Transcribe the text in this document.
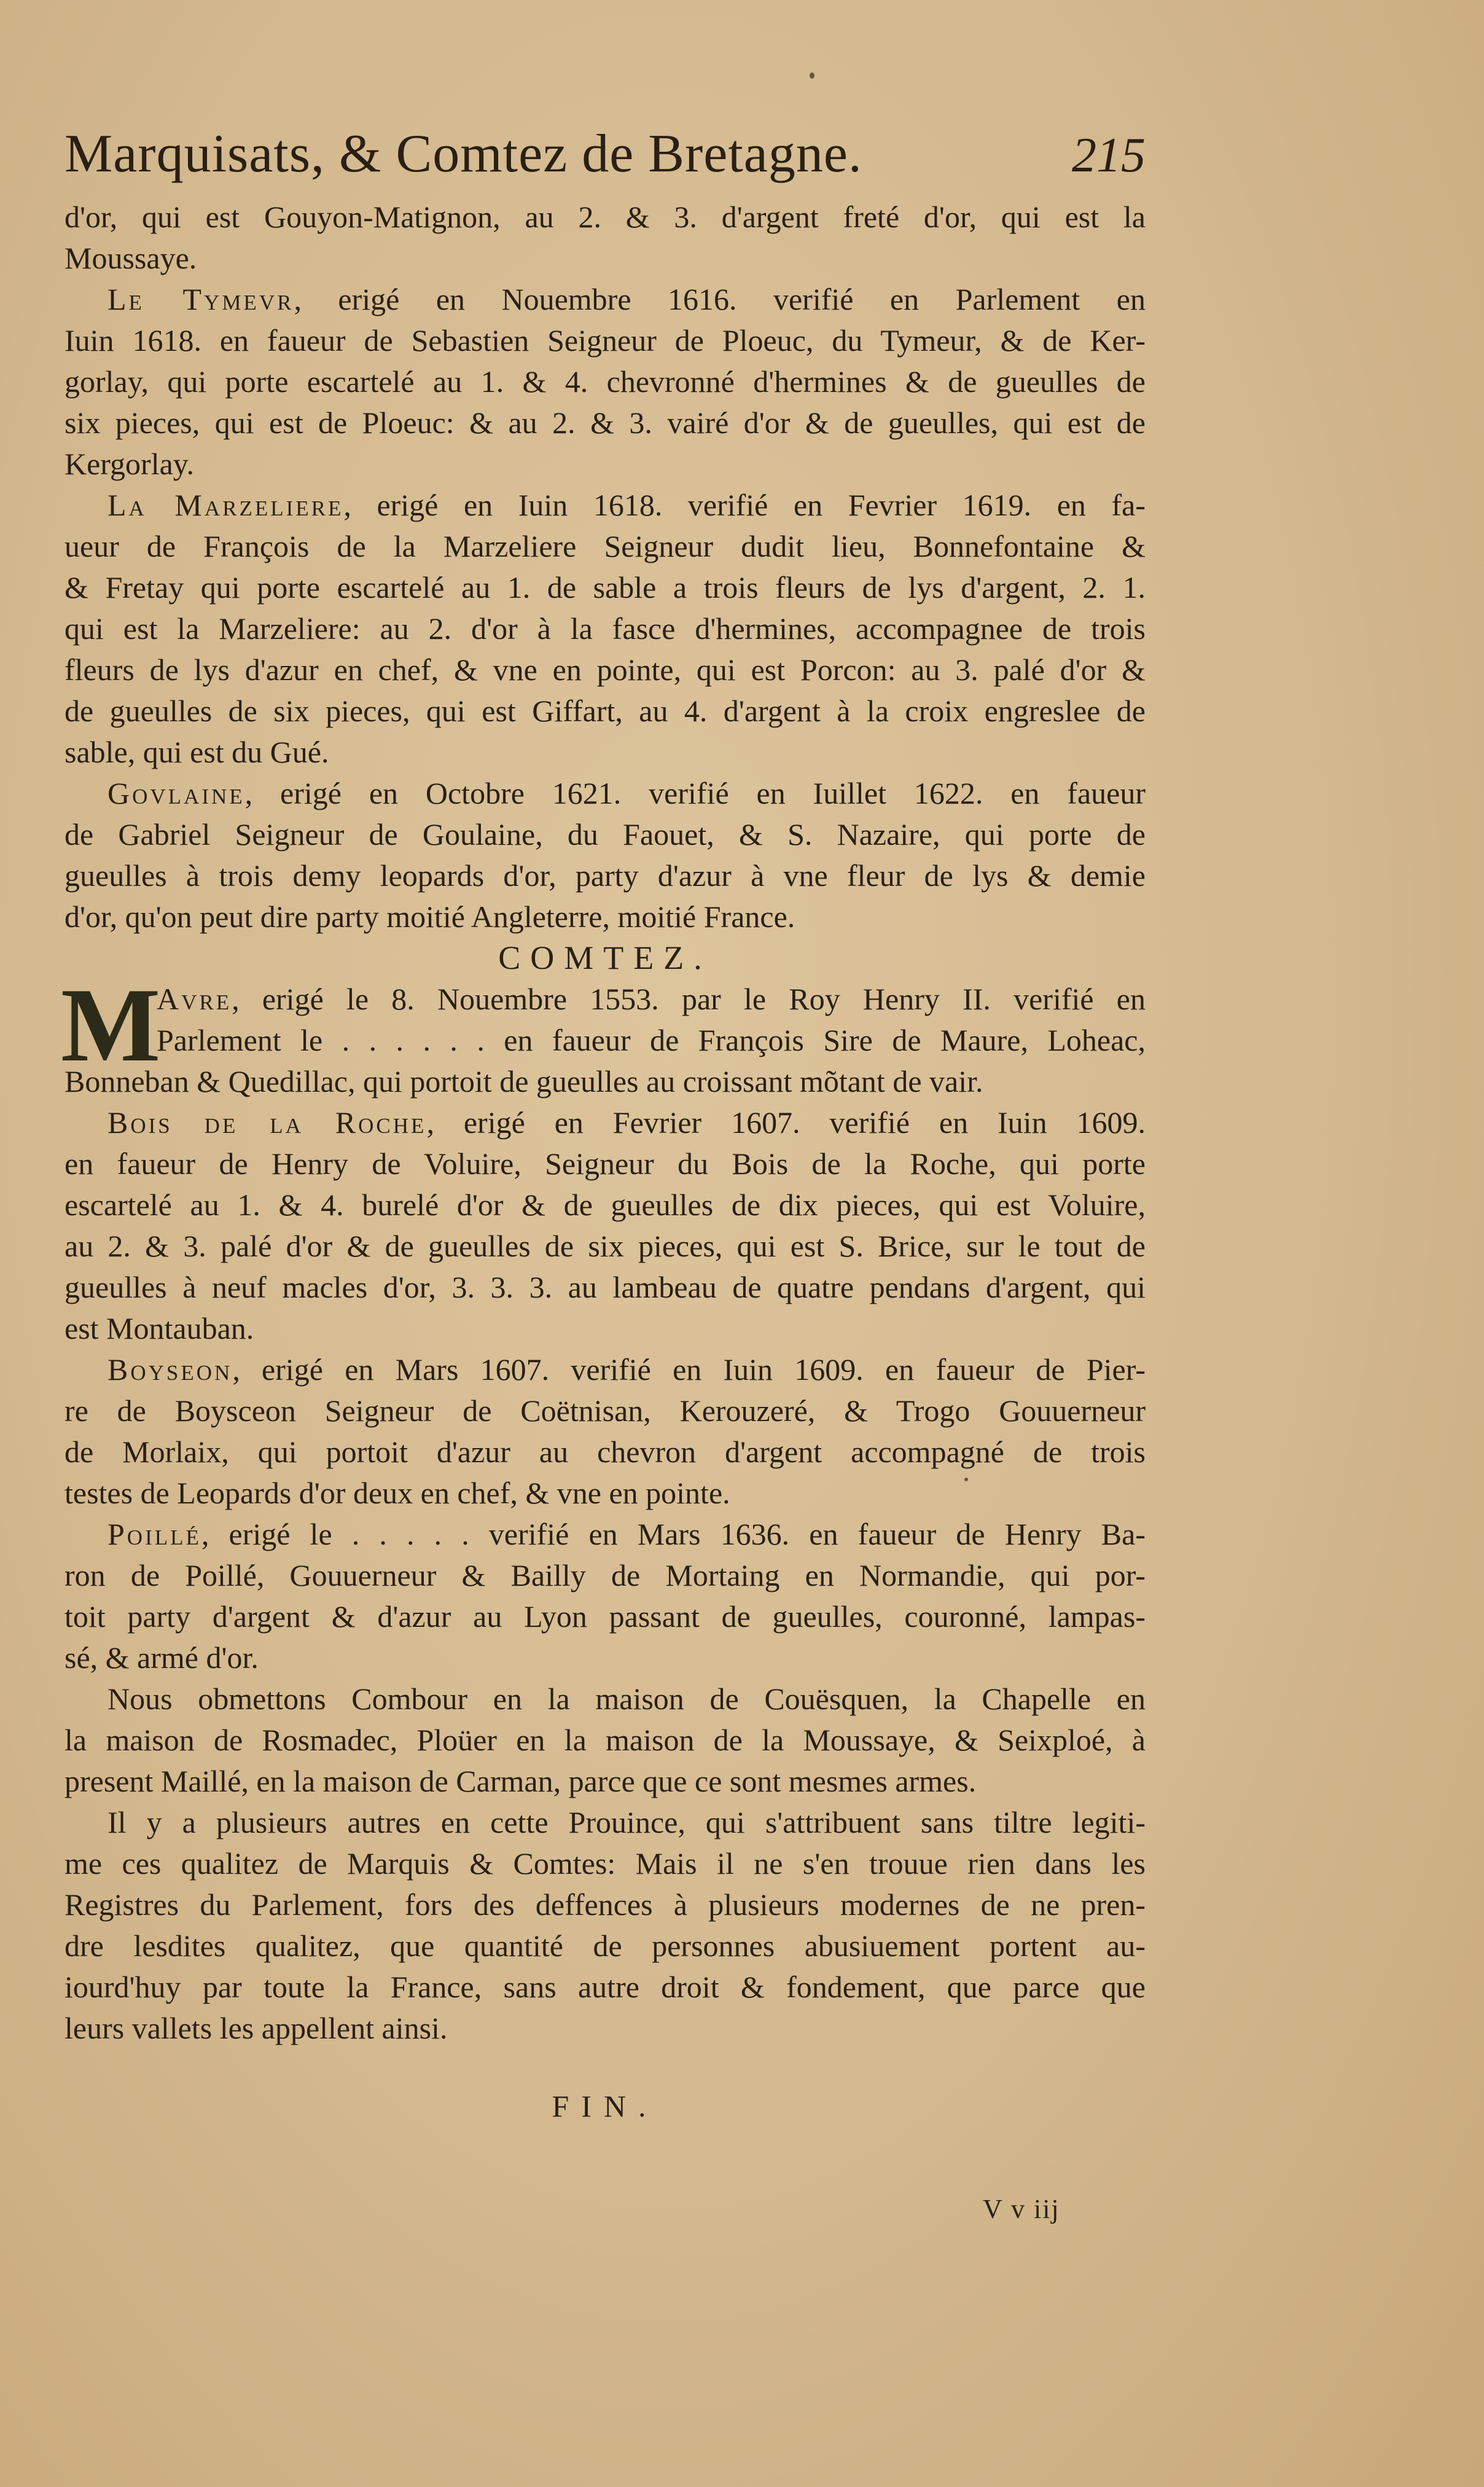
Marquisats, & Comtez de Bretagne.	215
d'or, qui est Gouyon-Matignon, au 2. & 3. d'argent freté d'or, qui est la
Moussaye.
Le Tymevr, erigé en Nouembre 1616. verifié en Parlement en
Iuin 1618. en faueur de Sebastien Seigneur de Ploeuc, du Tymeur, & de Ker-
gorlay, qui porte escartelé au 1. & 4. chevronné d'hermines & de gueulles de
six pieces, qui est de Ploeuc: & au 2. & 3. vairé d'or & de gueulles, qui est de
Kergorlay.
La Marzeliere, erigé en Iuin 1618. verifié en Fevrier 1619. en fa-
ueur de François de la Marzeliere Seigneur dudit lieu, Bonnefontaine &
& Fretay qui porte escartelé au 1. de sable a trois fleurs de lys d'argent, 2. 1.
qui est la Marzeliere: au 2. d'or à la fasce d'hermines, accompagnee de trois
fleurs de lys d'azur en chef, & vne en pointe, qui est Porcon: au 3. palé d'or &
de gueulles de six pieces, qui est Giffart, au 4. d'argent à la croix engreslee de
sable, qui est du Gué.
Govlaine, erigé en Octobre 1621. verifié en Iuillet 1622. en faueur
de Gabriel Seigneur de Goulaine, du Faouet, & S. Nazaire, qui porte de
gueulles à trois demy leopards d'or, party d'azur à vne fleur de lys & demie
d'or, qu'on peut dire party moitié Angleterre, moitié France.
COMTEZ.
M
Avre, erigé le 8. Nouembre 1553. par le Roy Henry II. verifié en
Parlement le . . . . . . en faueur de François Sire de Maure, Loheac,
Bonneban & Quedillac, qui portoit de gueulles au croissant mõtant de vair.
Bois de la Roche, erigé en Fevrier 1607. verifié en Iuin 1609.
en faueur de Henry de Voluire, Seigneur du Bois de la Roche, qui porte
escartelé au 1. & 4. burelé d'or & de gueulles de dix pieces, qui est Voluire,
au 2. & 3. palé d'or & de gueulles de six pieces, qui est S. Brice, sur le tout de
gueulles à neuf macles d'or, 3. 3. 3. au lambeau de quatre pendans d'argent, qui
est Montauban.
Boyseon, erigé en Mars 1607. verifié en Iuin 1609. en faueur de Pier-
re de Boysceon Seigneur de Coëtnisan, Kerouzeré, & Trogo Gouuerneur
de Morlaix, qui portoit d'azur au chevron d'argent accompagné de trois
testes de Leopards d'or deux en chef, & vne en pointe.
Poillé, erigé le . . . . . verifié en Mars 1636. en faueur de Henry Ba-
ron de Poillé, Gouuerneur & Bailly de Mortaing en Normandie, qui por-
toit party d'argent & d'azur au Lyon passant de gueulles, couronné, lampas-
sé, & armé d'or.
Nous obmettons Combour en la maison de Couësquen, la Chapelle en
la maison de Rosmadec, Ploüer en la maison de la Moussaye, & Seixploé, à
present Maillé, en la maison de Carman, parce que ce sont mesmes armes.
Il y a plusieurs autres en cette Prouince, qui s'attribuent sans tiltre legiti-
me ces qualitez de Marquis & Comtes: Mais il ne s'en trouue rien dans les
Registres du Parlement, fors des deffences à plusieurs modernes de ne pren-
dre lesdites qualitez, que quantité de personnes abusiuement portent au-
iourd'huy par toute la France, sans autre droit & fondement, que parce que
leurs vallets les appellent ainsi.
FIN.
V v iij
